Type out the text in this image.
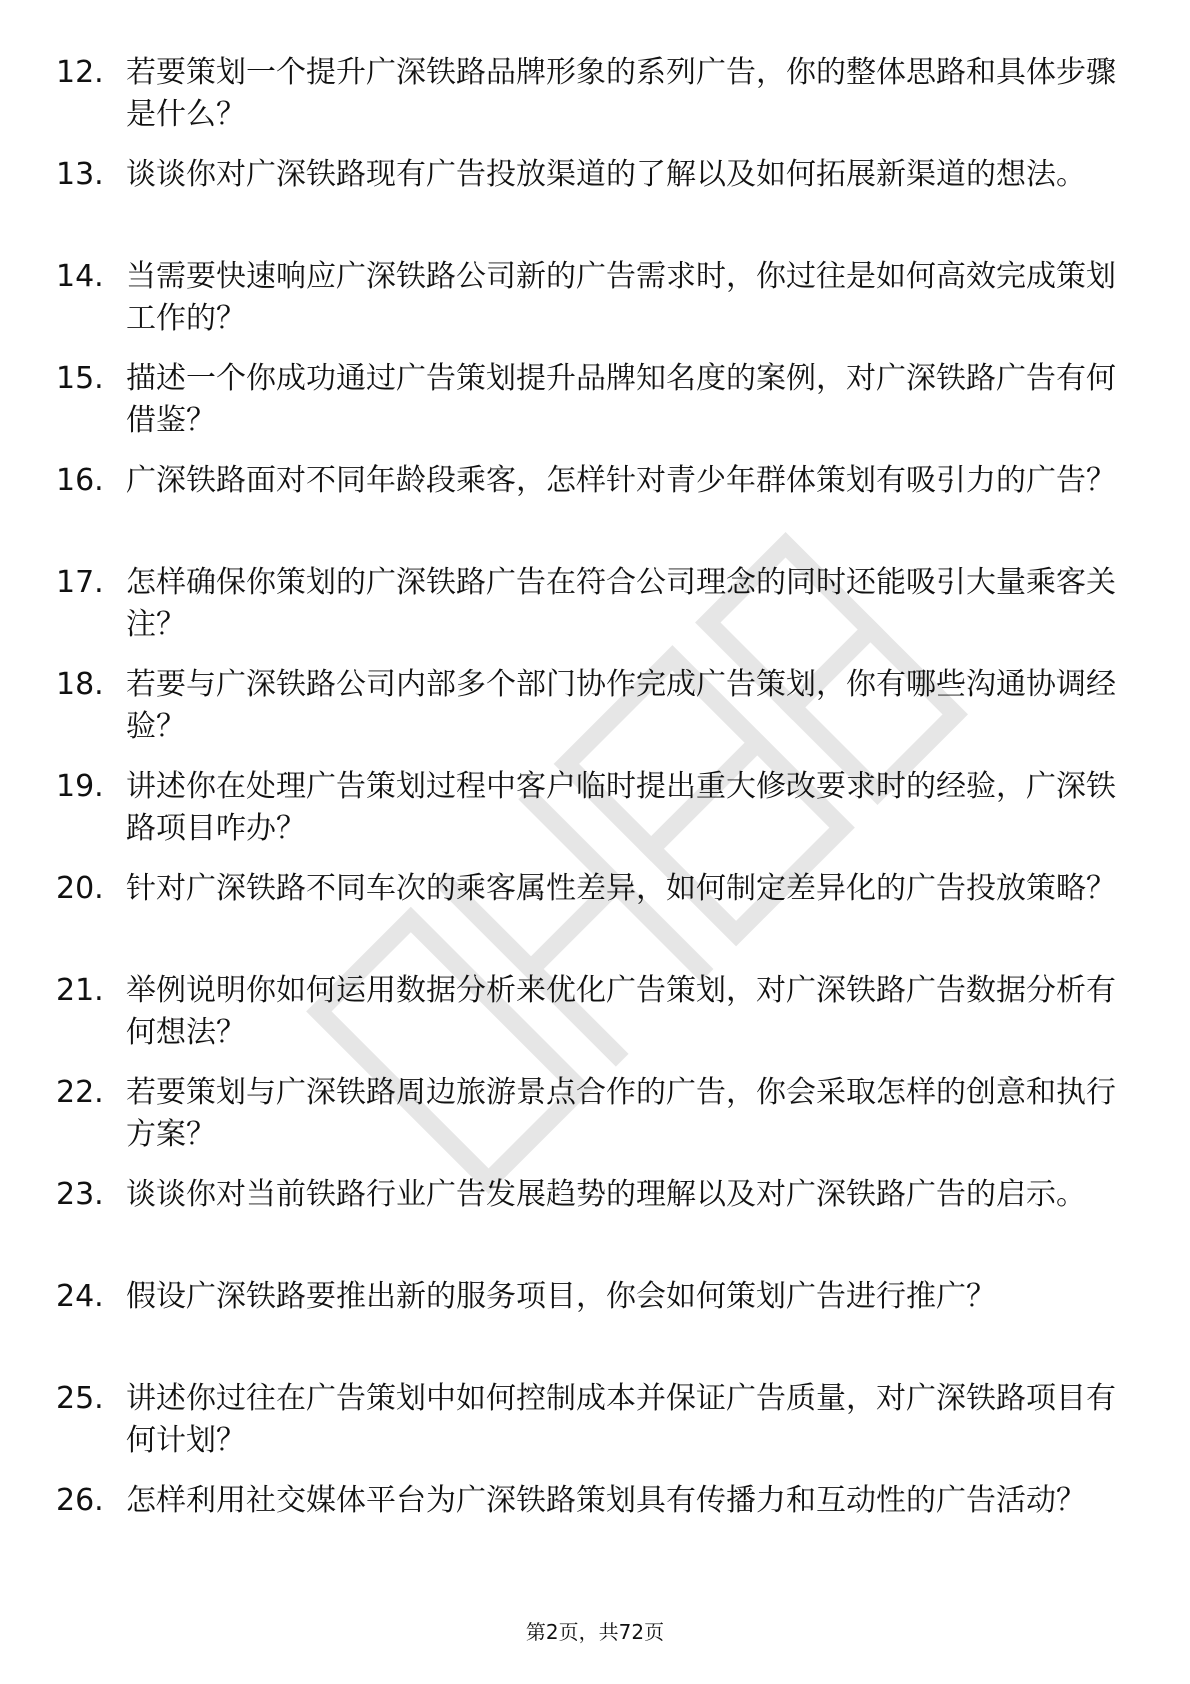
12. 若要策划一个提升广深铁路品牌形象的系列广告，你的整体思路和具体步骤是什么？
13. 谈谈你对广深铁路现有广告投放渠道的了解以及如何拓展新渠道的想法。
14. 当需要快速响应广深铁路公司新的广告需求时，你过往是如何高效完成策划工作的？
15. 描述一个你成功通过广告策划提升品牌知名度的案例，对广深铁路广告有何借鉴？
16. 广深铁路面对不同年龄段乘客，怎样针对青少年群体策划有吸引力的广告？
17. 怎样确保你策划的广深铁路广告在符合公司理念的同时还能吸引大量乘客关注？
18. 若要与广深铁路公司内部多个部门协作完成广告策划，你有哪些沟通协调经验？
19. 讲述你在处理广告策划过程中客户临时提出重大修改要求时的经验，广深铁路项目咋办？
20. 针对广深铁路不同车次的乘客属性差异，如何制定差异化的广告投放策略？
21. 举例说明你如何运用数据分析来优化广告策划，对广深铁路广告数据分析有何想法？
22. 若要策划与广深铁路周边旅游景点合作的广告，你会采取怎样的创意和执行方案？
23. 谈谈你对当前铁路行业广告发展趋势的理解以及对广深铁路广告的启示。
24. 假设广深铁路要推出新的服务项目，你会如何策划广告进行推广？
25. 讲述你过往在广告策划中如何控制成本并保证广告质量，对广深铁路项目有何计划？
26. 怎样利用社交媒体平台为广深铁路策划具有传播力和互动性的广告活动？
第2页，共72页
